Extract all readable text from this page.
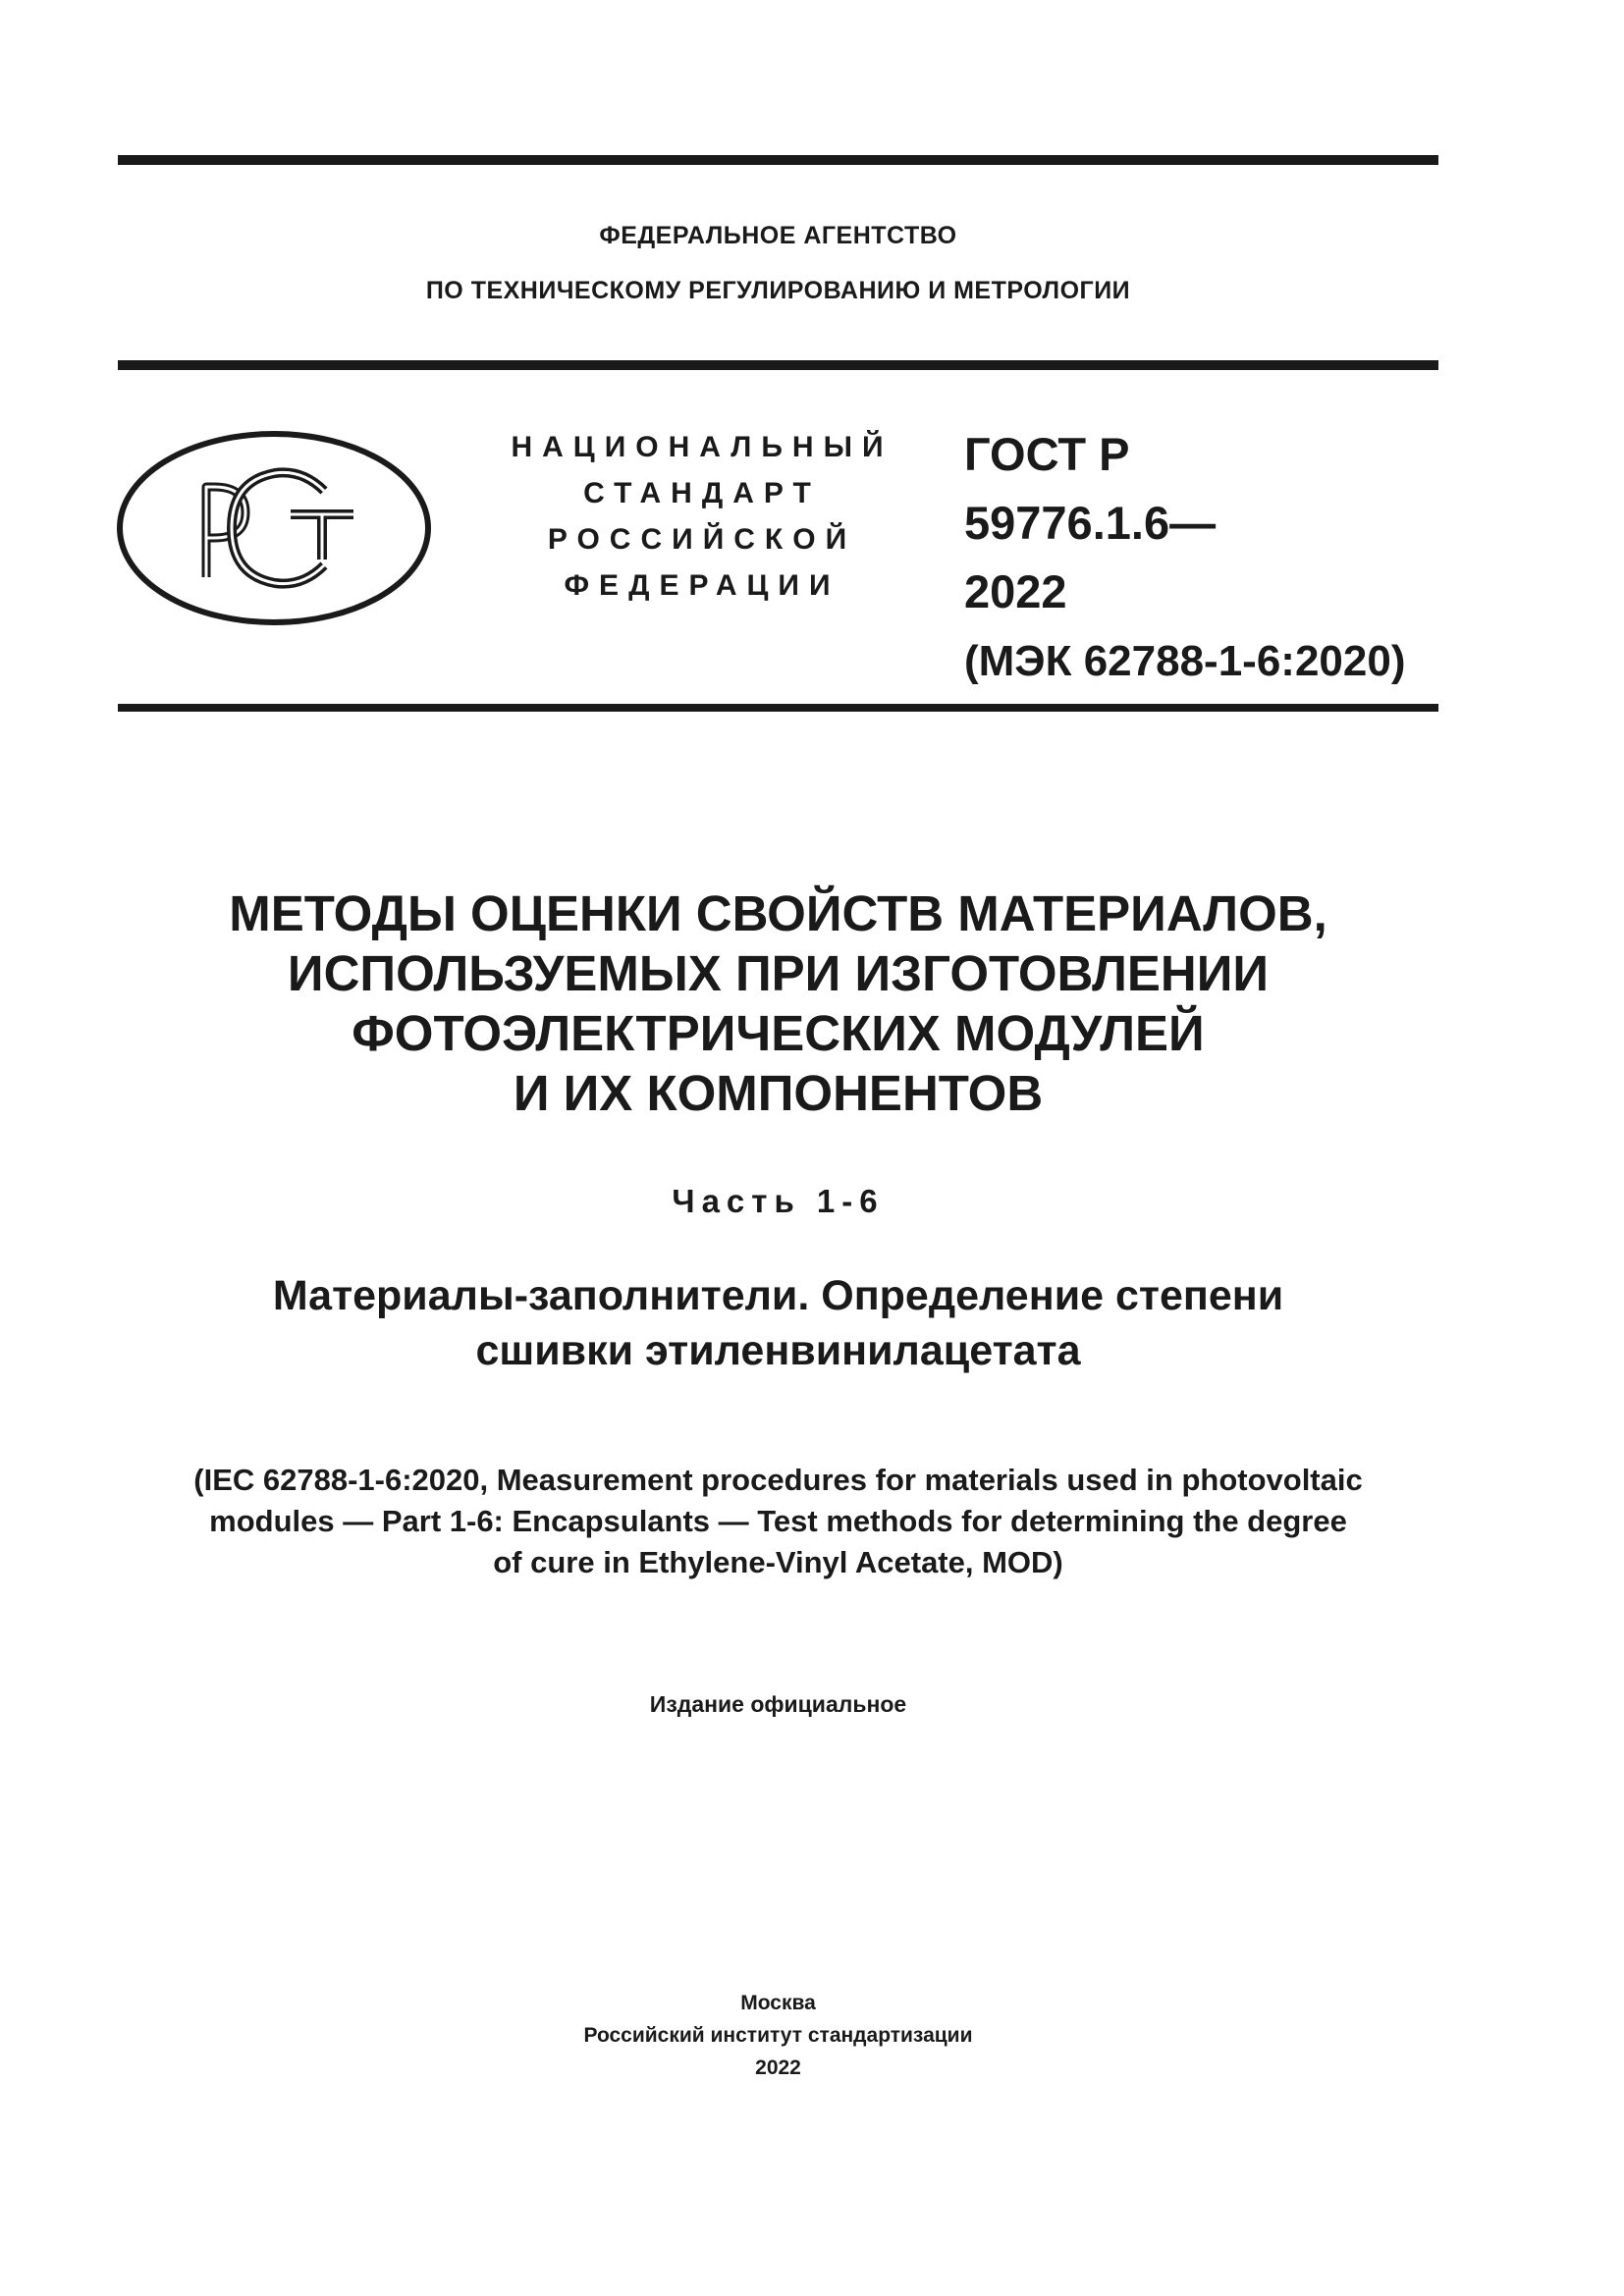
ФЕДЕРАЛЬНОЕ АГЕНТСТВО
ПО ТЕХНИЧЕСКОМУ РЕГУЛИРОВАНИЮ И МЕТРОЛОГИИ
НАЦИОНАЛЬНЫЙ
СТАНДАРТ
РОССИЙСКОЙ
ФЕДЕРАЦИИ
ГОСТ Р
59776.1.6—
2022
(МЭК 62788-1-6:2020)
МЕТОДЫ ОЦЕНКИ СВОЙСТВ МАТЕРИАЛОВ,
ИСПОЛЬЗУЕМЫХ ПРИ ИЗГОТОВЛЕНИИ
ФОТОЭЛЕКТРИЧЕСКИХ МОДУЛЕЙ
И ИХ КОМПОНЕНТОВ
Часть 1-6
Материалы-заполнители. Определение степени
сшивки этиленвинилацетата
(IEC 62788-1-6:2020, Measurement procedures for materials used in photovoltaic
modules — Part 1-6: Encapsulants — Test methods for determining the degree
of cure in Ethylene-Vinyl Acetate, MOD)
Издание официальное
Москва
Российский институт стандартизации
2022
